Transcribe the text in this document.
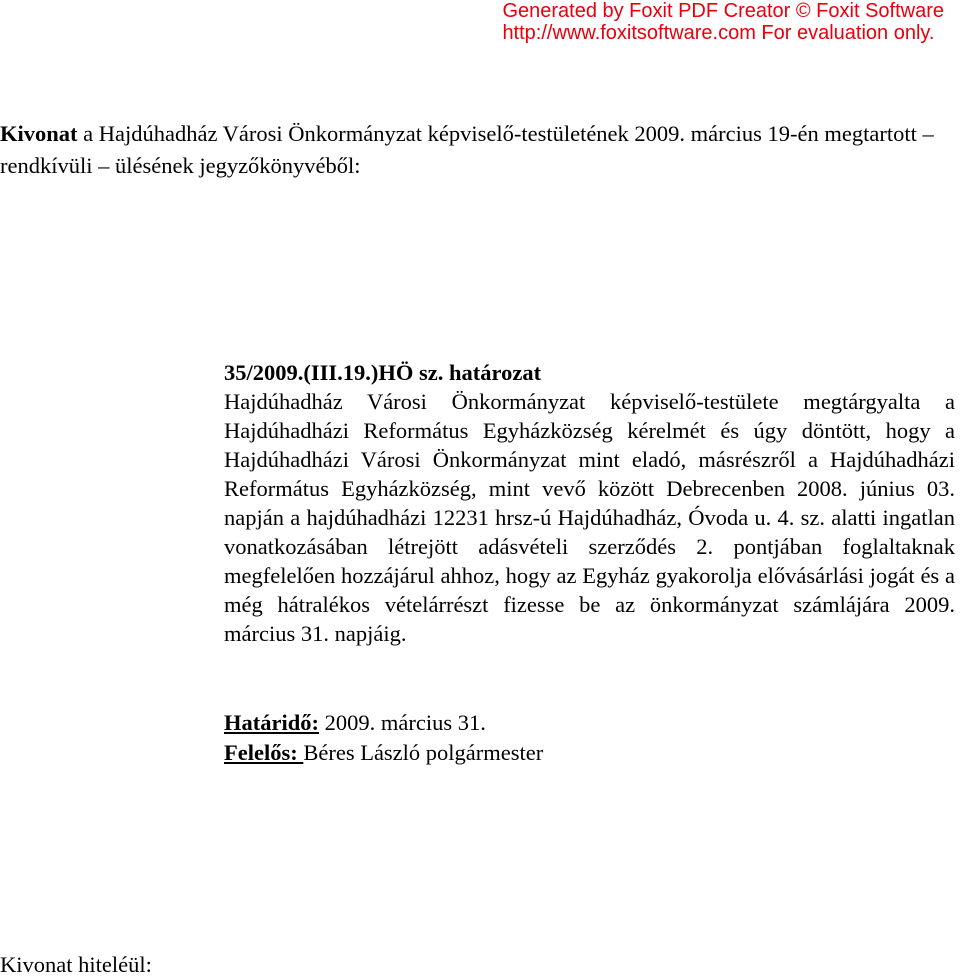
Generated by Foxit PDF Creator © Foxit Software
http://www.foxitsoftware.com For evaluation only.
Kivonat a Hajdúhadház Városi Önkormányzat képviselő-testületének 2009. március 19-én megtartott – rendkívüli – ülésének jegyzőkönyvéből:

35/2009.(III.19.)HÖ sz. határozat

Hajdúhadház Városi Önkormányzat képviselő-testülete megtárgyalta a Hajdúhadházi Református Egyházközség kérelmét és úgy döntött, hogy a Hajdúhadházi Városi Önkormányzat mint eladó, másrészről a Hajdúhadházi Református Egyházközség, mint vevő között Debrecenben 2008. június 03. napján a hajdúhadházi 12231 hrsz-ú Hajdúhadház, Óvoda u. 4. sz. alatti ingatlan vonatkozásában létrejött adásvételi szerződés 2. pontjában foglaltaknak megfelelően hozzájárul ahhoz, hogy az Egyház gyakorolja elővásárlási jogát és a még hátralékos vételárrészt fizesse be az önkormányzat számlájára 2009. március 31. napjáig.

Határidő: 2009. március 31.
Felelős: Béres László polgármester
Kivonat hiteléül:
